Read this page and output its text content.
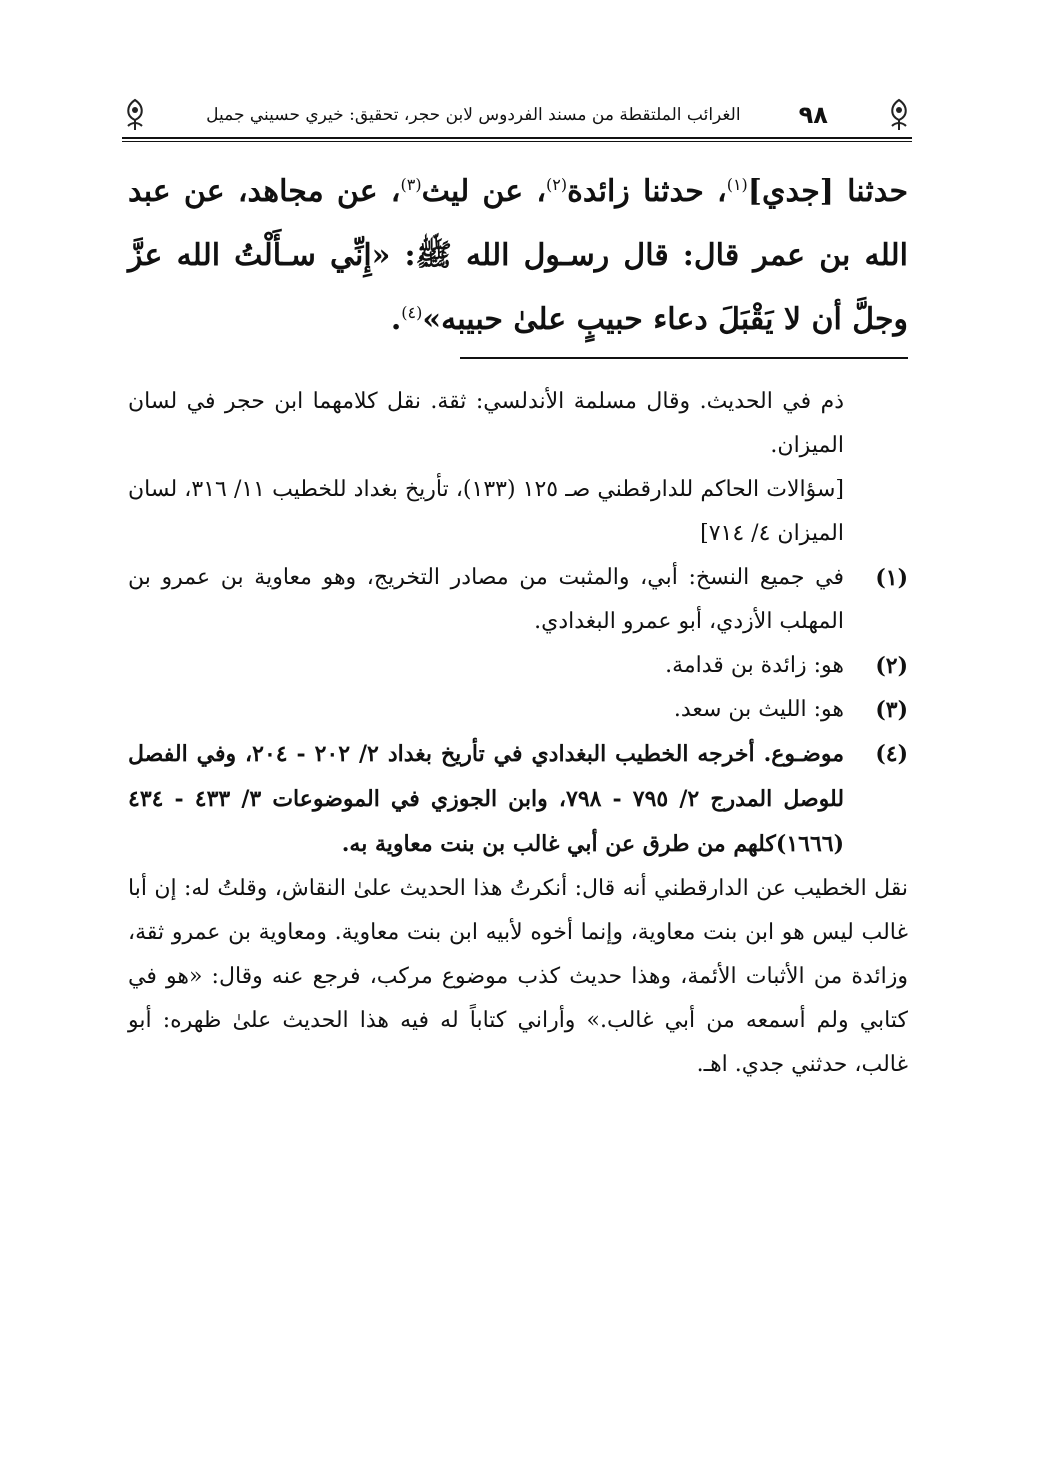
٩٨
الغرائب الملتقطة من مسند الفردوس لابن حجر، تحقيق: خيري حسيني جميل

حدثنا [جدي]$^{(١)}$، حدثنا زائدة$^{(٢)}$، عن ليث$^{(٣)}$، عن مجاهد، عن عبد الله بن عمر قال: قال رسـول الله ﷺ: «إِنِّي سـأَلْتُ الله عزَّ وجلَّ أن لا يَقْبَلَ دعاء حبيبٍ علىٰ حبيبه»$^{(٤)}$.

ذم في الحديث. وقال مسلمة الأندلسي: ثقة. نقل كلامهما ابن حجر في لسان الميزان.

[سؤالات الحاكم للدارقطني صـ ١٢٥ (١٣٣)، تأريخ بغداد للخطيب ١١/ ٣١٦، لسان الميزان ٤/ ٧١٤]

(١)
في جميع النسخ: أبي، والمثبت من مصادر التخريج، وهو معاوية بن عمرو بن المهلب الأزدي، أبو عمرو البغدادي.

(٢)
هو: زائدة بن قدامة.

(٣)
هو: الليث بن سعد.

(٤)
موضـوع. أخرجه الخطيب البغدادي في تأريخ بغداد ٢/ ٢٠٢ - ٢٠٤، وفي الفصل للوصل المدرج ٢/ ٧٩٥ - ٧٩٨، وابن الجوزي في الموضوعات ٣/ ٤٣٣ - ٤٣٤ (١٦٦٦)كلهم من طرق عن أبي غالب بن بنت معاوية به.

نقل الخطيب عن الدارقطني أنه قال: أنكرتُ هذا الحديث علىٰ النقاش، وقلتُ له: إن أبا غالب ليس هو ابن بنت معاوية، وإنما أخوه لأبيه ابن بنت معاوية. ومعاوية بن عمرو ثقة، وزائدة من الأثبات الأئمة، وهذا حديث كذب موضوع مركب، فرجع عنه وقال: «هو في كتابي ولم أسمعه من أبي غالب.» وأراني كتاباً له فيه هذا الحديث علىٰ ظهره: أبو غالب، حدثني جدي. اهـ.
